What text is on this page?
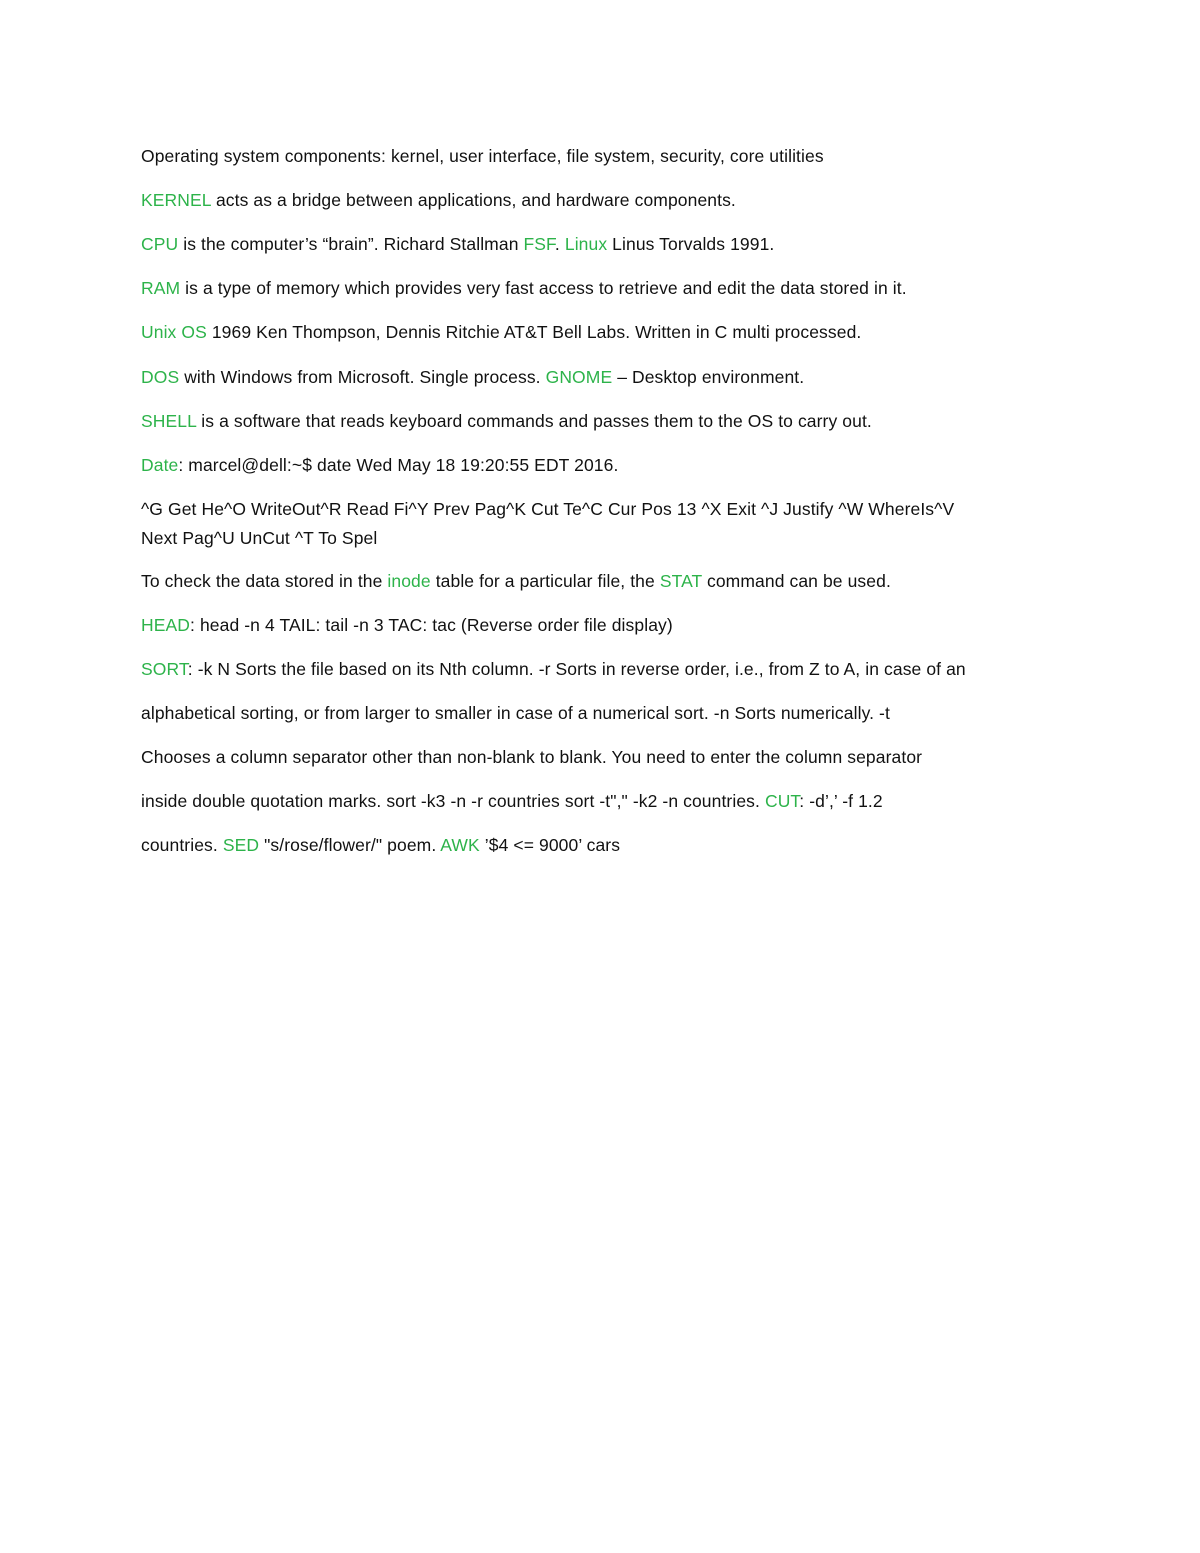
Operating system components: kernel, user interface, file system, security, core utilities
KERNEL acts as a bridge between applications, and hardware components.
CPU is the computer’s “brain”. Richard Stallman FSF. Linux Linus Torvalds 1991.
RAM is a type of memory which provides very fast access to retrieve and edit the data stored in it.
Unix OS 1969 Ken Thompson, Dennis Ritchie AT&T Bell Labs. Written in C multi processed.
DOS with Windows from Microsoft. Single process. GNOME – Desktop environment.
SHELL is a software that reads keyboard commands and passes them to the OS to carry out.
Date: marcel@dell:~$ date Wed May 18 19:20:55 EDT 2016.
^G Get He^O WriteOut^R Read Fi^Y Prev Pag^K Cut Te^C Cur Pos 13 ^X Exit ^J Justify ^W WhereIs^V
Next Pag^U UnCut ^T To Spel
To check the data stored in the inode table for a particular file, the STAT command can be used.
HEAD: head -n 4 TAIL: tail -n 3 TAC: tac (Reverse order file display)
SORT: -k N Sorts the file based on its Nth column. -r Sorts in reverse order, i.e., from Z to A, in case of an
alphabetical sorting, or from larger to smaller in case of a numerical sort. -n Sorts numerically. -t
Chooses a column separator other than non-blank to blank. You need to enter the column separator
inside double quotation marks. sort -k3 -n -r countries sort -t"," -k2 -n countries. CUT: -d’,’ -f 1.2
countries. SED "s/rose/flower/" poem. AWK ’$4 <= 9000’ cars
